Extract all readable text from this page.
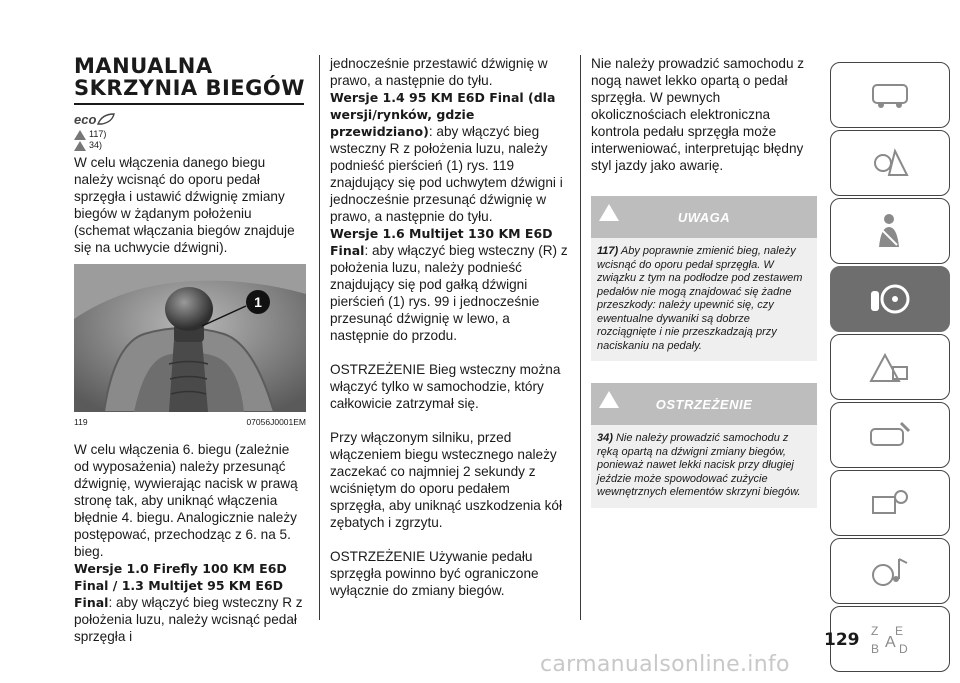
MANUALNA
SKRZYNIA BIEGÓW
eco
117)
34)

W celu włączenia danego biegu należy wcisnąć do oporu pedał sprzęgła i ustawić dźwignię zmiany biegów w żądanym położeniu (schemat włączania biegów znajduje się na uchwycie dźwigni).

1
119	07056J0001EM

W celu włączenia 6. biegu (zależnie od wyposażenia) należy przesunąć dźwignię, wywierając nacisk w prawą stronę tak, aby uniknąć włączenia błędnie 4. biegu. Analogicznie należy postępować, przechodząc z 6. na 5. bieg.

Wersje 1.0 Firefly 100 KM E6D Final / 1.3 Multijet 95 KM E6D Final: aby włączyć bieg wsteczny R z położenia luzu, należy wcisnąć pedał sprzęgła i

jednocześnie przestawić dźwignię w prawo, a następnie do tyłu.

Wersje 1.4 95 KM E6D Final (dla wersji/rynków, gdzie przewidziano): aby włączyć bieg wsteczny R z położenia luzu, należy podnieść pierścień (1) rys. 119 znajdujący się pod uchwytem dźwigni i jednocześnie przesunąć dźwignię w prawo, a następnie do tyłu.

Wersje 1.6 Multijet 130 KM E6D Final: aby włączyć bieg wsteczny (R) z położenia luzu, należy podnieść znajdujący się pod gałką dźwigni pierścień (1) rys. 99 i jednocześnie przesunąć dźwignię w lewo, a następnie do przodu.

OSTRZEŻENIE Bieg wsteczny można włączyć tylko w samochodzie, który całkowicie zatrzymał się.

Przy włączonym silniku, przed włączeniem biegu wstecznego należy zaczekać co najmniej 2 sekundy z wciśniętym do oporu pedałem sprzęgła, aby uniknąć uszkodzenia kół zębatych i zgrzytu.

OSTRZEŻENIE Używanie pedału sprzęgła powinno być ograniczone wyłącznie do zmiany biegów.

Nie należy prowadzić samochodu z nogą nawet lekko opartą o pedał sprzęgła. W pewnych okolicznościach elektroniczna kontrola pedału sprzęgła może interweniować, interpretując błędny styl jazdy jako awarię.

UWAGA
117) Aby poprawnie zmienić bieg, należy wcisnąć do oporu pedał sprzęgła. W związku z tym na podłodze pod zestawem pedałów nie mogą znajdować się żadne przeszkody: należy upewnić się, czy ewentualne dywaniki są dobrze rozciągnięte i nie przeszkadzają przy naciskaniu na pedały.
OSTRZEŻENIE
34) Nie należy prowadzić samochodu z ręką opartą na dźwigni zmiany biegów, ponieważ nawet lekki nacisk przy długiej jeździe może spowodować zużycie wewnętrznych elementów skrzyni biegów.
Z E
B A D
129
carmanualsonline.info
